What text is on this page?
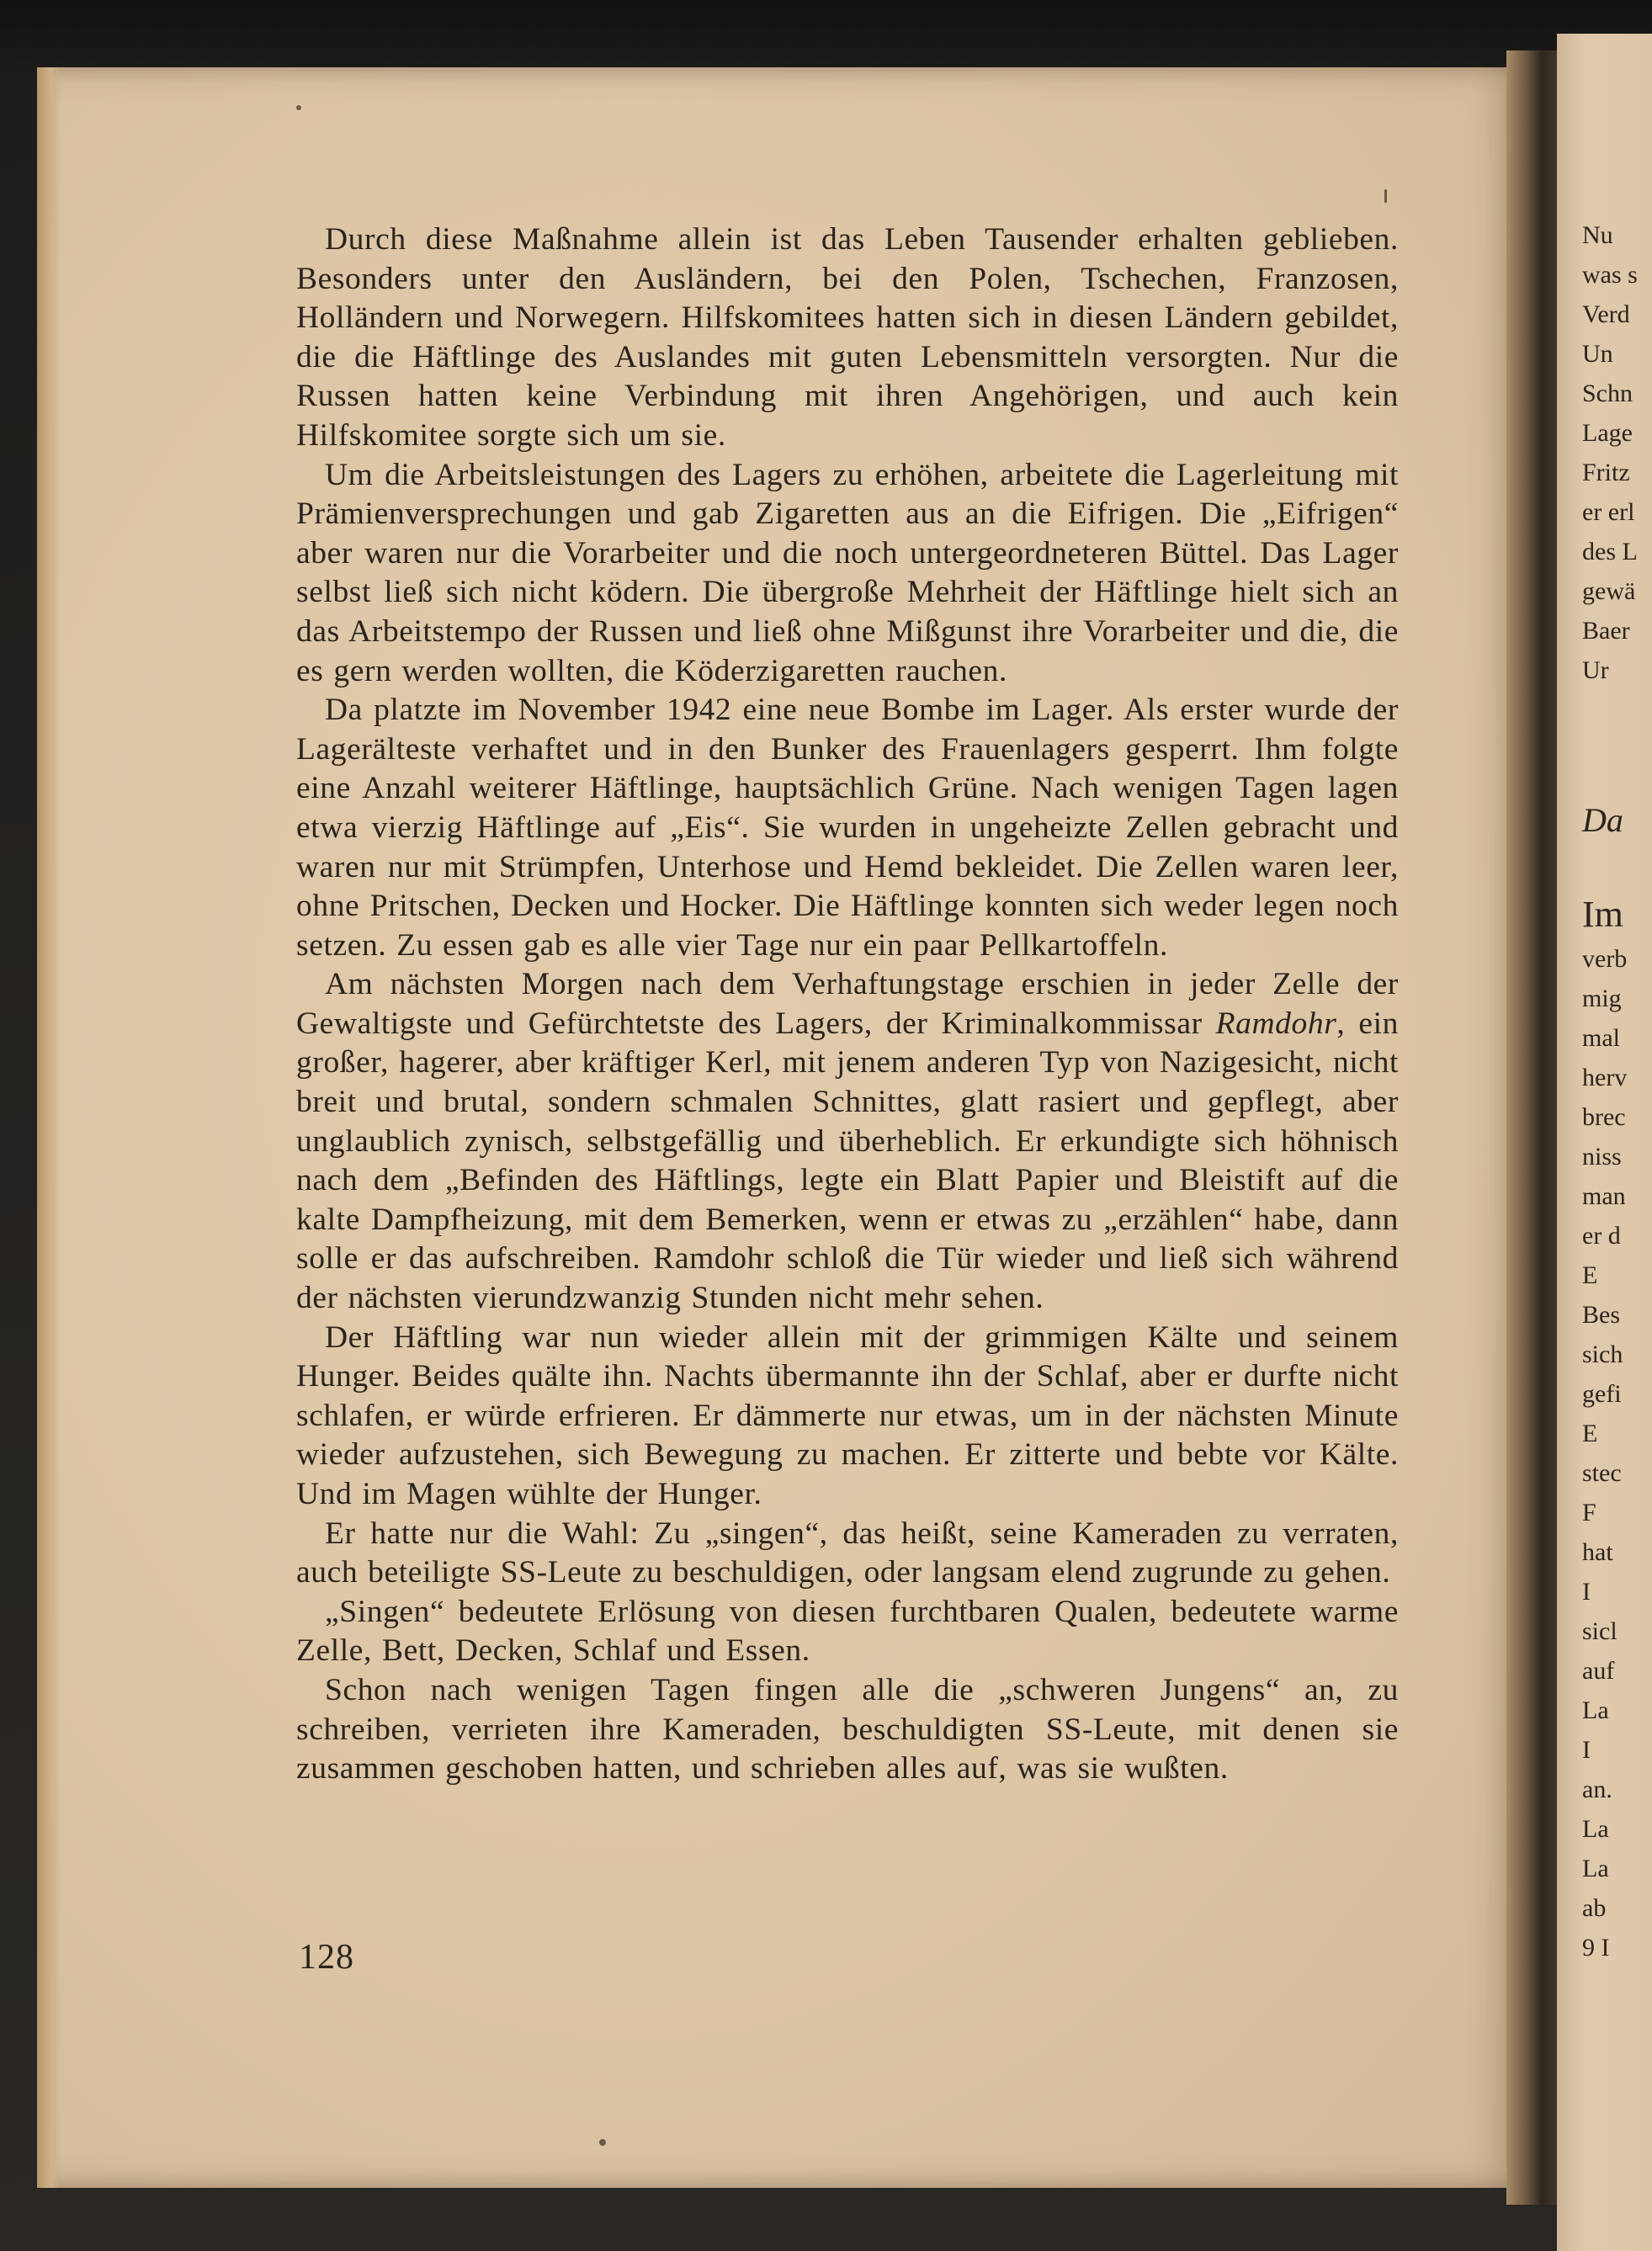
Nu
was s
Verd
Un
Schn
Lage
Fritz
er erl
des L
gewä
Baer
Ur
Da
Im
verb
mig
mal
herv
brec
niss
man
er d
E
Bes
sich
gefi
E
stec
F
hat
I
sicl
auf
La
I
an.
La
La
ab
9 I

Durch diese Maßnahme allein ist das Leben Tausender erhalten geblieben. Besonders unter den Ausländern, bei den Polen, Tschechen, Franzosen, Holländern und Norwegern. Hilfskomitees hatten sich in diesen Ländern gebildet, die die Häftlinge des Auslandes mit guten Lebensmitteln versorgten. Nur die Russen hatten keine Verbindung mit ihren Angehörigen, und auch kein Hilfskomitee sorgte sich um sie.

Um die Arbeitsleistungen des Lagers zu erhöhen, arbeitete die Lagerleitung mit Prämienversprechungen und gab Zigaretten aus an die Eifrigen. Die „Eifrigen“ aber waren nur die Vorarbeiter und die noch untergeordneteren Büttel. Das Lager selbst ließ sich nicht ködern. Die übergroße Mehrheit der Häftlinge hielt sich an das Arbeitstempo der Russen und ließ ohne Mißgunst ihre Vorarbeiter und die, die es gern werden wollten, die Köderzigaretten rauchen.

Da platzte im November 1942 eine neue Bombe im Lager. Als erster wurde der Lagerälteste verhaftet und in den Bunker des Frauenlagers gesperrt. Ihm folgte eine Anzahl weiterer Häftlinge, hauptsächlich Grüne. Nach wenigen Tagen lagen etwa vierzig Häftlinge auf „Eis“. Sie wurden in ungeheizte Zellen gebracht und waren nur mit Strümpfen, Unterhose und Hemd bekleidet. Die Zellen waren leer, ohne Pritschen, Decken und Hocker. Die Häftlinge konnten sich weder legen noch setzen. Zu essen gab es alle vier Tage nur ein paar Pellkartoffeln.

Am nächsten Morgen nach dem Verhaftungstage erschien in jeder Zelle der Gewaltigste und Gefürchtetste des Lagers, der Kriminalkommissar Ramdohr, ein großer, hagerer, aber kräftiger Kerl, mit jenem anderen Typ von Nazigesicht, nicht breit und brutal, sondern schmalen Schnittes, glatt rasiert und gepflegt, aber unglaublich zynisch, selbstgefällig und überheblich. Er erkundigte sich höhnisch nach dem „Befinden des Häftlings, legte ein Blatt Papier und Bleistift auf die kalte Dampfheizung, mit dem Bemerken, wenn er etwas zu „erzählen“ habe, dann solle er das aufschreiben. Ramdohr schloß die Tür wieder und ließ sich während der nächsten vierundzwanzig Stunden nicht mehr sehen.

Der Häftling war nun wieder allein mit der grimmigen Kälte und seinem Hunger. Beides quälte ihn. Nachts übermannte ihn der Schlaf, aber er durfte nicht schlafen, er würde erfrieren. Er dämmerte nur etwas, um in der nächsten Minute wieder aufzustehen, sich Bewegung zu machen. Er zitterte und bebte vor Kälte. Und im Magen wühlte der Hunger.

Er hatte nur die Wahl: Zu „singen“, das heißt, seine Kameraden zu verraten, auch beteiligte SS-Leute zu beschuldigen, oder langsam elend zugrunde zu gehen.

„Singen“ bedeutete Erlösung von diesen furchtbaren Qualen, bedeutete warme Zelle, Bett, Decken, Schlaf und Essen.

Schon nach wenigen Tagen fingen alle die „schweren Jungens“ an, zu schreiben, verrieten ihre Kameraden, beschuldigten SS-Leute, mit denen sie zusammen geschoben hatten, und schrieben alles auf, was sie wußten.

128
